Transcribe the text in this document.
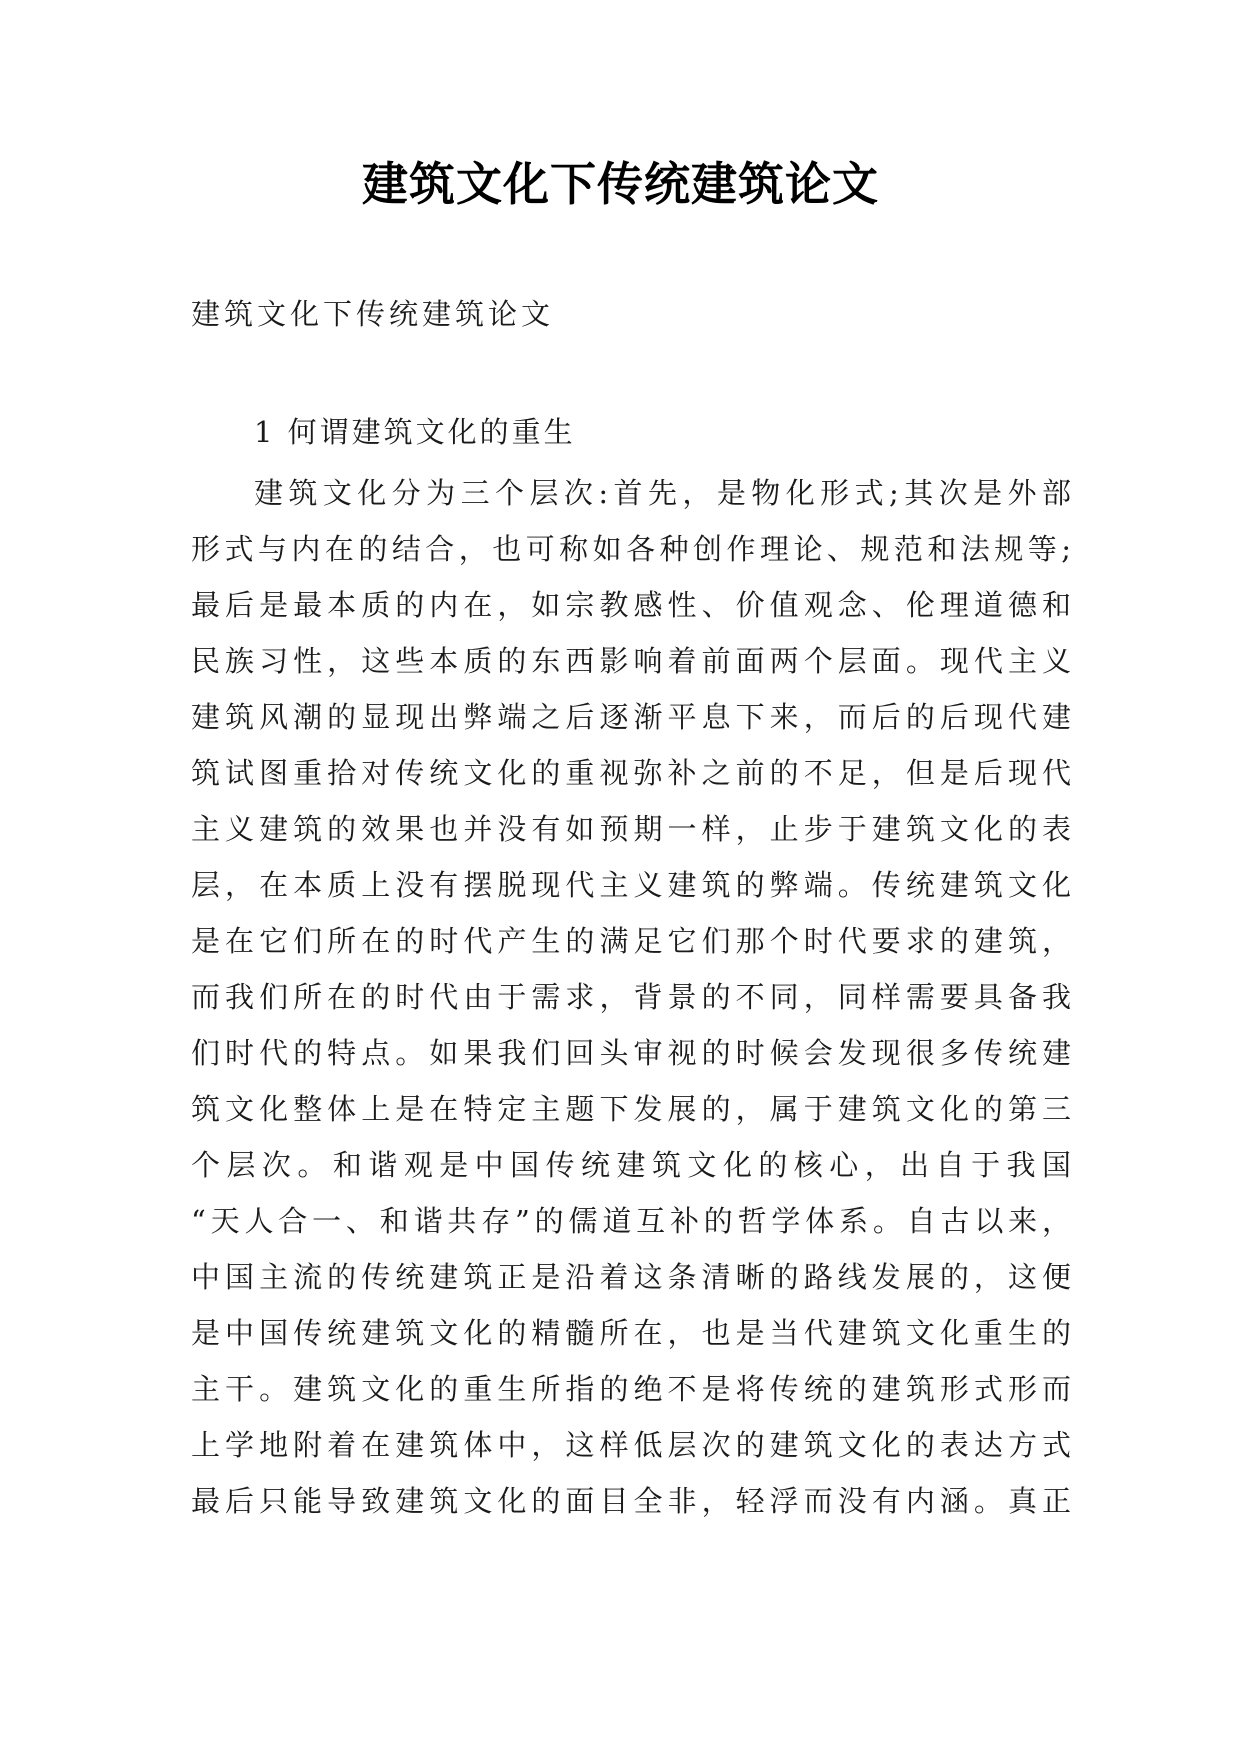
建筑文化下传统建筑论文

建筑文化下传统建筑论文

1 何谓建筑文化的重生

建筑文化分为三个层次:首先，是物化形式;其次是外部
形式与内在的结合，也可称如各种创作理论、规范和法规等;
最后是最本质的内在，如宗教感性、价值观念、伦理道德和
民族习性，这些本质的东西影响着前面两个层面。现代主义
建筑风潮的显现出弊端之后逐渐平息下来，而后的后现代建
筑试图重拾对传统文化的重视弥补之前的不足，但是后现代
主义建筑的效果也并没有如预期一样，止步于建筑文化的表
层，在本质上没有摆脱现代主义建筑的弊端。传统建筑文化
是在它们所在的时代产生的满足它们那个时代要求的建筑，
而我们所在的时代由于需求，背景的不同，同样需要具备我
们时代的特点。如果我们回头审视的时候会发现很多传统建
筑文化整体上是在特定主题下发展的，属于建筑文化的第三
个层次。和谐观是中国传统建筑文化的核心，出自于我国
“天人合一、和谐共存”的儒道互补的哲学体系。自古以来，
中国主流的传统建筑正是沿着这条清晰的路线发展的，这便
是中国传统建筑文化的精髓所在，也是当代建筑文化重生的
主干。建筑文化的重生所指的绝不是将传统的建筑形式形而
上学地附着在建筑体中，这样低层次的建筑文化的表达方式
最后只能导致建筑文化的面目全非，轻浮而没有内涵。真正
